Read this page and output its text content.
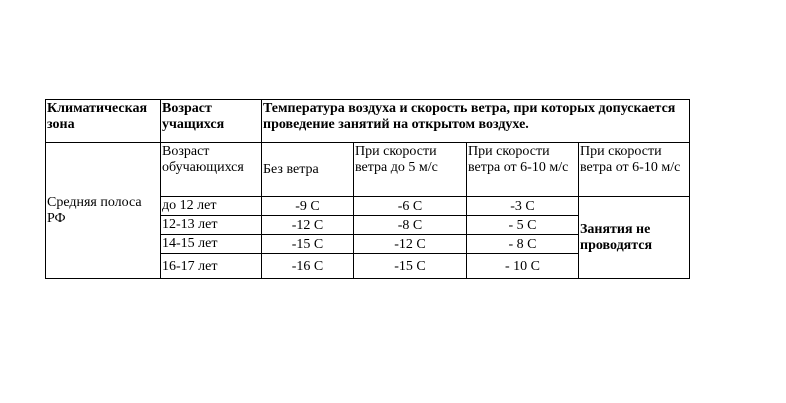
Климатическая зона	Возраст учащихся	Температура воздуха и скорость ветра, при которых допускается проведение занятий на открытом воздухе.			
Средняя полоса РФ	Возраст обучающихся	Без ветра	При скорости ветра до 5 м/с	При скорости ветра от 6-10 м/с	При скорости ветра от 6-10 м/с
	до 12 лет	-9 С	-6 С	-3 С	Занятия не проводятся
	12-13 лет	-12 С	-8 С	- 5 С	
	14-15 лет	-15 С	-12 С	- 8 С	
	16-17 лет	-16 С	-15 С	- 10 С	
